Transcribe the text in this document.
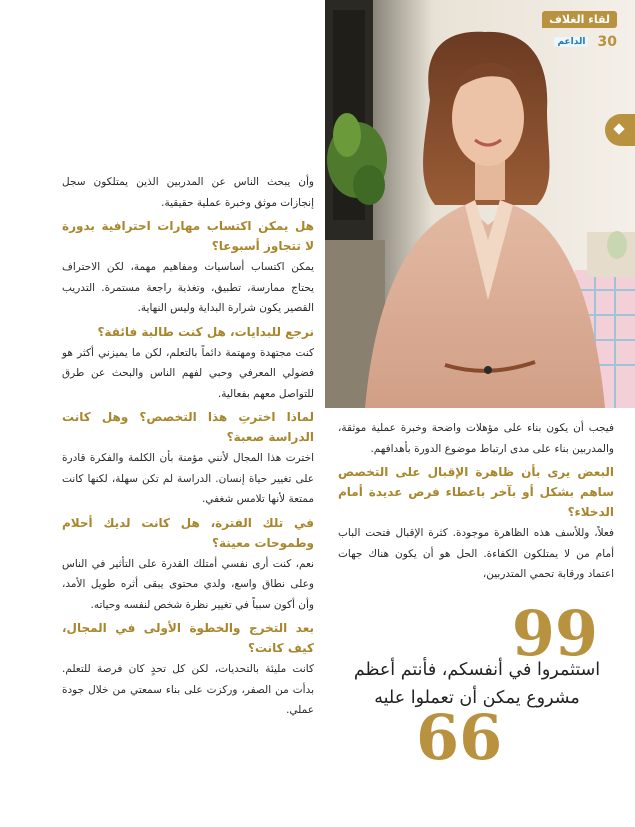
لقاء الغلاف
الداعم 30

وأن يبحث الناس عن المدربين الذين يمتلكون سجل إنجازات موثق وخبرة عملية حقيقية.

هل يمكن اكتساب مهارات احترافية بدورة لا تتجاوز أسبوعا؟

يمكن اكتساب أساسيات ومفاهيم مهمة، لكن الاحتراف يحتاج ممارسة، تطبيق، وتغذية راجعة مستمرة. التدريب القصير يكون شرارة البداية وليس النهاية.

نرجع للبدايات، هل كنت طالبة فائقة؟

كنت مجتهدة ومهتمة دائماً بالتعلم، لكن ما يميزني أكثر هو فضولي المعرفي وحبي لفهم الناس والبحث عن طرق للتواصل معهم بفعالية.

لماذا اخترتِ هذا التخصص؟ وهل كانت الدراسة صعبة؟

اخترت هذا المجال لأنني مؤمنة بأن الكلمة والفكرة قادرة على تغيير حياة إنسان. الدراسة لم تكن سهلة، لكنها كانت ممتعة لأنها تلامس شغفي.

في تلك الفترة، هل كانت لديك أحلام وطموحات معينة؟

نعم، كنت أرى نفسي أمتلك القدرة على التأثير في الناس وعلى نطاق واسع، ولدي محتوى يبقى أثره طويل الأمد، وأن أكون سبباً في تغيير نظرة شخص لنفسه وحياته.

بعد التخرج والخطوة الأولى في المجال، كيف كانت؟

كانت مليئة بالتحديات، لكن كل تحدٍ كان فرصة للتعلم. بدأت من الصفر، وركزت على بناء سمعتي من خلال جودة عملي.

فيجب أن يكون بناء على مؤهلات واضحة وخبرة عملية موثقة، والمدربين بناء على مدى ارتباط موضوع الدورة بأهدافهم.

البعض يرى بأن ظاهرة الإقبال على التخصص ساهم بشكل أو بآخر باعطاء فرص عديدة أمام الدخلاء؟

فعلاً، وللأسف هذه الظاهرة موجودة. كثرة الإقبال فتحت الباب أمام من لا يمتلكون الكفاءة. الحل هو أن يكون هناك جهات اعتماد ورقابة تحمي المتدربين،

99
استثمروا في أنفسكم، فأنتم أعظم مشروع يمكن أن تعملوا عليه
66
